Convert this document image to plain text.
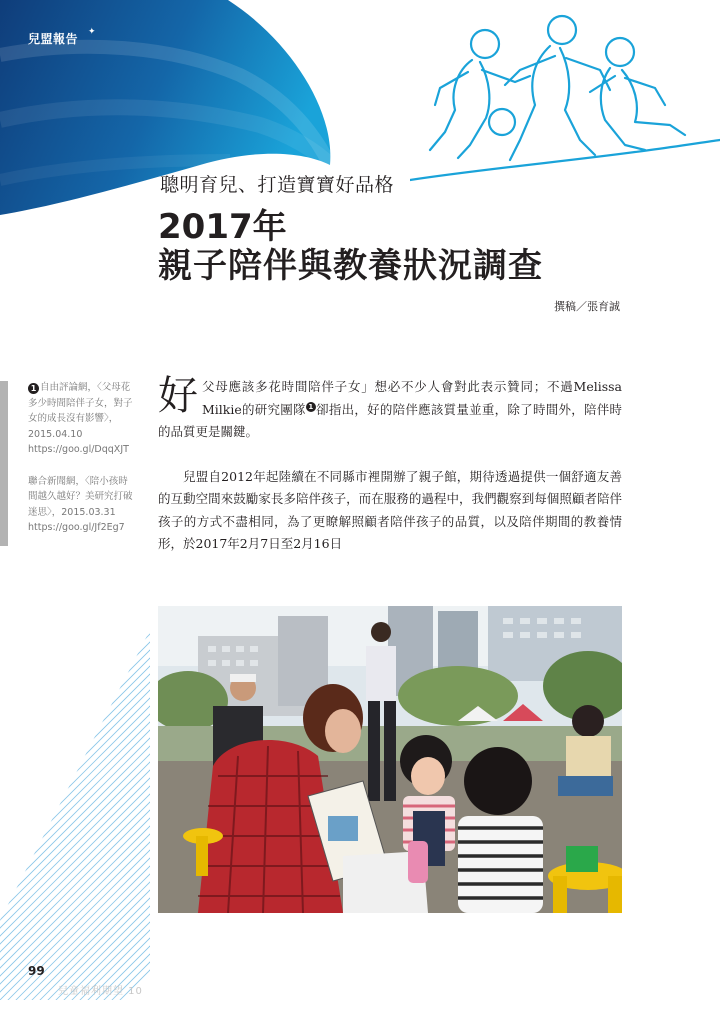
兒盟報告 ✦
聰明育兒、打造寶寶好品格
2017年
親子陪伴與教養狀況調查
撰稿／張育誠
1 自由評論網，〈父母花多少時間陪伴子女，對子女的成長沒有影響〉，2015.04.10 https://goo.gl/DqqXJT
聯合新聞網，〈陪小孩時間越久越好？美研究打破迷思〉，2015.03.31 https://goo.gl/Jf2Eg7

好父母應該多花時間陪伴子女」想必不少人會對此表示贊同；不過Melissa Milkie的研究團隊 1 卻指出，好的陪伴應該質量並重，除了時間外，陪伴時的品質更是關鍵。

兒盟自2012年起陸續在不同縣市裡開辦了親子館，期待透過提供一個舒適友善的互動空間來鼓勵家長多陪伴孩子，而在服務的過程中，我們觀察到每個照顧者陪伴孩子的方式不盡相同，為了更瞭解照顧者陪伴孩子的品質，以及陪伴期間的教養情形，於2017年2月7日至2月16日

99
兒童福利期望 10
